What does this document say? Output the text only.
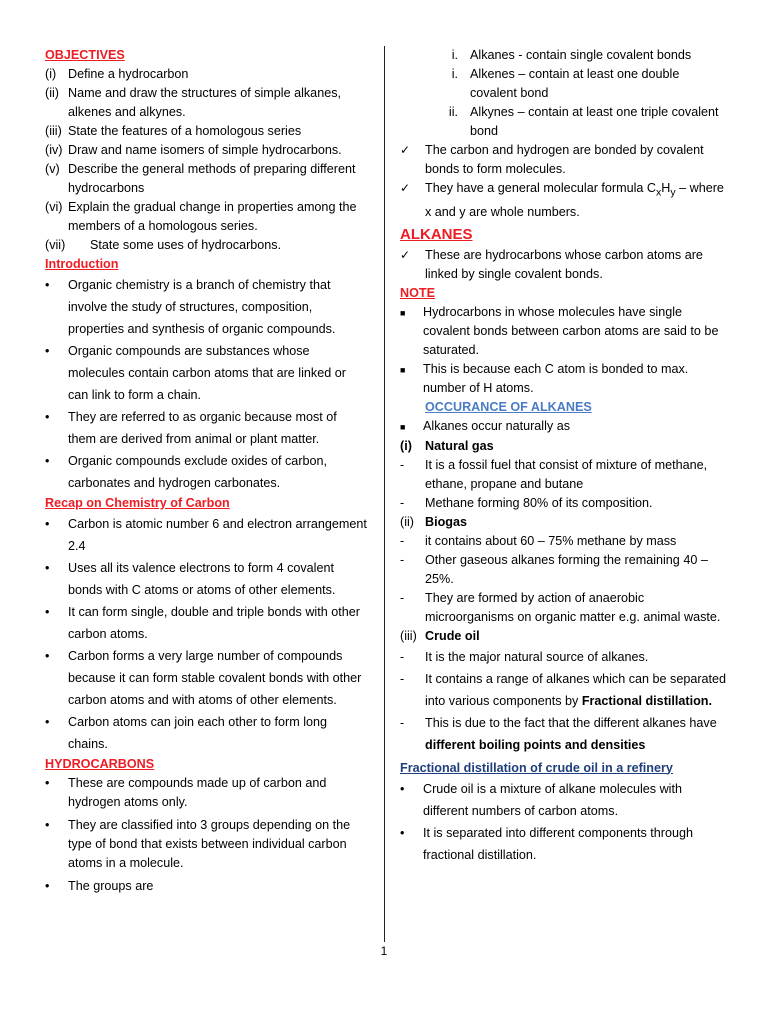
OBJECTIVES
(i) Define a hydrocarbon
(ii) Name and draw the structures of simple alkanes, alkenes and alkynes.
(iii) State the features of a homologous series
(iv) Draw and name isomers of simple hydrocarbons.
(v) Describe the general methods of preparing different hydrocarbons
(vi) Explain the gradual change in properties among the members of a homologous series.
(vii)	State some uses of hydrocarbons.
Introduction
•	Organic chemistry is a branch of chemistry that involve the study of structures, composition, properties and synthesis of organic compounds.
•	Organic compounds are substances whose molecules contain carbon atoms that are linked or can link to form a chain.
•	They are referred to as organic because most of them are derived from animal or plant matter.
•	Organic compounds exclude oxides of carbon, carbonates and hydrogen carbonates.
Recap on Chemistry of Carbon
•	Carbon is atomic number 6 and electron arrangement 2.4
•	Uses all its valence electrons to form 4 covalent bonds with C atoms or atoms of other elements.
•	It can form single, double and triple bonds with other carbon atoms.
•	Carbon forms a very large number of compounds because it can form stable covalent bonds with other carbon atoms and with atoms of other elements.
•	Carbon atoms can join each other to form long chains.
HYDROCARBONS
•	These are compounds made up of carbon and hydrogen atoms only.
•	They are classified into 3 groups depending on the type of bond that exists between individual carbon atoms in a molecule.
•	The groups are
i. Alkanes - contain single covalent bonds
i. Alkenes – contain at least one double covalent bond
ii. Alkynes – contain at least one triple covalent bond
✓	The carbon and hydrogen are bonded by covalent bonds to form molecules.
✓	They have a general molecular formula $C_xH_y$ – where x and y are whole numbers.
ALKANES
✓	These are hydrocarbons whose carbon atoms are linked by single covalent bonds.
NOTE
■	Hydrocarbons in whose molecules have single covalent bonds between carbon atoms are said to be saturated.
■	This is because each C atom is bonded to max. number of H atoms.
OCCURANCE OF ALKANES
■	Alkanes occur naturally as
(i)	Natural gas
-	It is a fossil fuel that consist of mixture of methane, ethane, propane and butane
-	Methane forming 80% of its composition.
(ii) Biogas
-	it contains about 60 – 75% methane by mass
-	Other gaseous alkanes forming the remaining 40 – 25%.
-	They are formed by action of anaerobic microorganisms on organic matter e.g. animal waste.
(iii) Crude oil
-	It is the major natural source of alkanes.
-	It contains a range of alkanes which can be separated into various components by Fractional distillation.
-	This is due to the fact that the different alkanes have different boiling points and densities
Fractional distillation of crude oil in a refinery
•	Crude oil is a mixture of alkane molecules with different numbers of carbon atoms.
•	It is separated into different components through fractional distillation.
1
